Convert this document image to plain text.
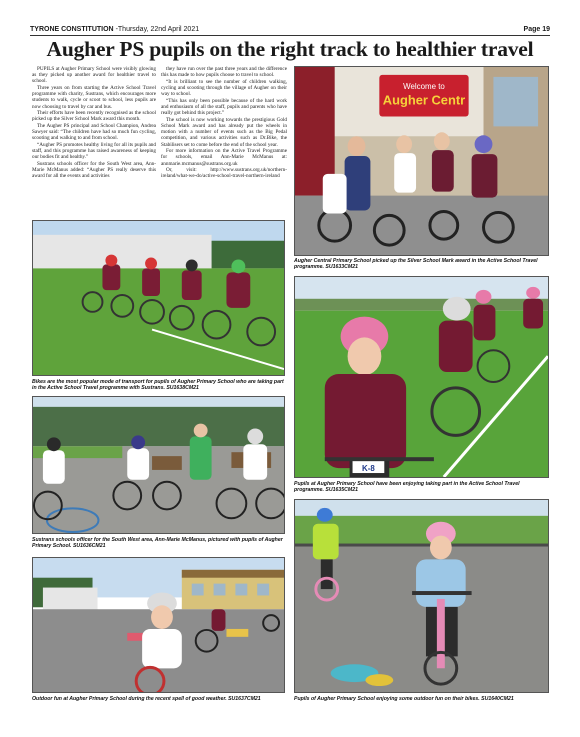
TYRONE CONSTITUTION -Thursday, 22nd April 2021	Page 19
Augher PS pupils on the right track to healthier travel

PUPILS at Augher Primary School were visibly glowing as they picked up another award for healthier travel to school.

Three years on from starting the Active School Travel programme with charity, Sustrans, which encourages more students to walk, cycle or scoot to school, less pupils are now choosing to travel by car and bus.

Their efforts have been recently recognised as the school picked up the Silver School Mark award this month.

The Augher PS principal and School Champion, Andrea Sawyer said: “The children have had so much fun cycling, scooting and walking to and from school.

“Augher PS promotes healthy living for all its pupils and staff, and this programme has raised awareness of keeping our bodies fit and healthy.”

Sustrans schools officer for the South West area, Ann-Marie McManus added: “Augher PS really deserve this award for all the events and activities

they have run over the past three years and the difference this has made to how pupils choose to travel to school.

“It is brilliant to see the number of children walking, cycling and scooting through the village of Augher on their way to school.

“This has only been possible because of the hard work and enthusiasm of all the staff, pupils and parents who have really got behind this project.”

The school is now working towards the prestigious Gold School Mark award and has already put the wheels in motion with a number of events such as the Big Pedal competition, and various activities such as Dr.Bike, the Stabilisers set to come before the end of the school year.

For more information on the Active Travel Programme for schools, email Ann-Marie McManus at: annmarie.mcmanus@sustrans.org.uk

Or, visit: http://www.sustrans.org.uk/northern-ireland/what-we-do/active-school-travel-northern-ireland

Welcome to
Augher Centr
Augher Central Primary School picked up the Silver School Mark award in the Active School Travel programme. SU1633CM21
Bikes are the most popular mode of transport for pupils of Augher Primary School who are taking part in the Active School Travel programme with Sustrans. SU1638CM21
K-8
Pupils at Augher Primary School have been enjoying taking part in the Active School Travel programme. SU1635CM21
Sustrans schools officer for the South West area, Ann-Marie McManus, pictured with pupils of Augher Primary School. SU1636CM21
Outdoor fun at Augher Primary School during the recent spell of good weather. SU1637CM21	Pupils of Augher Primary School enjoying some outdoor fun on their bikes. SU1640CM21
